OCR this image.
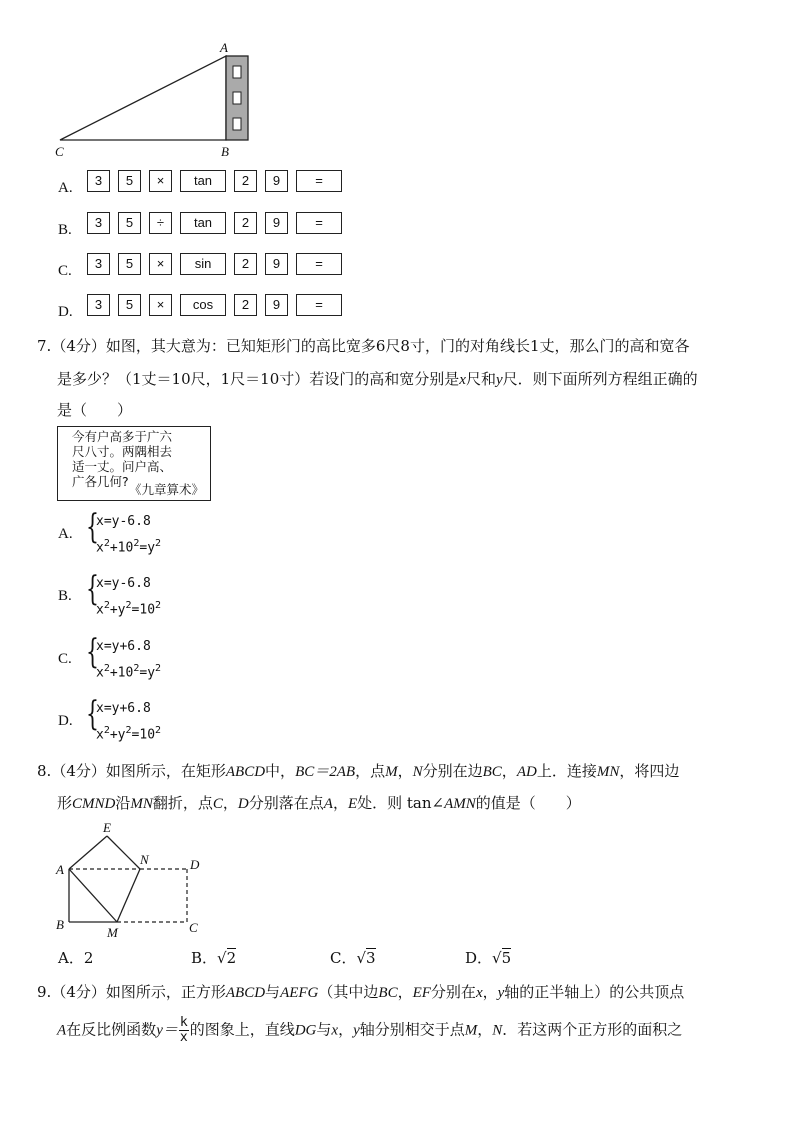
A
B
C
A.	3	5	×	tan	2	9	=
B.	3	5	÷	tan	2	9	=
C.	3	5	×	sin	2	9	=
D.	3	5	×	cos	2	9	=
7.（4分）如图，其大意为：已知矩形门的高比宽多6尺8寸，门的对角线长1丈，那么门的高和宽各
是多少？（1丈＝10尺，1尺＝10寸）若设门的高和宽分别是x尺和y尺．则下面所列方程组正确的
是（　　）
今有户高多于广六
尺八寸。两隅相去
适一丈。问户高、
广各几何?
《九章算术》
A. {
x=y-6.8
$x^2+10^2=y^2$
B. {
x=y-6.8
$x^2+y^2=10^2$
C. {
x=y+6.8
$x^2+10^2=y^2$
D. {
x=y+6.8
$x^2+y^2=10^2$
8.（4分）如图所示，在矩形ABCD中，BC＝2AB，点M，N分别在边BC，AD上．连接MN，将四边
形CMND沿MN翻折，点C，D分别落在点A，E处．则 tan∠AMN的值是（　　）
E
N	D
A
B
M	C
A．2	B．√2	C．√3	D．√5
9.（4分）如图所示，正方形ABCD与AEFG（其中边BC，EF分别在x，y轴的正半轴上）的公共顶点
A在反比例函数$y= \frac{k}{x}$ 的图象上，直线DG与x，y轴分别相交于点M，N．若这两个正方形的面积之
